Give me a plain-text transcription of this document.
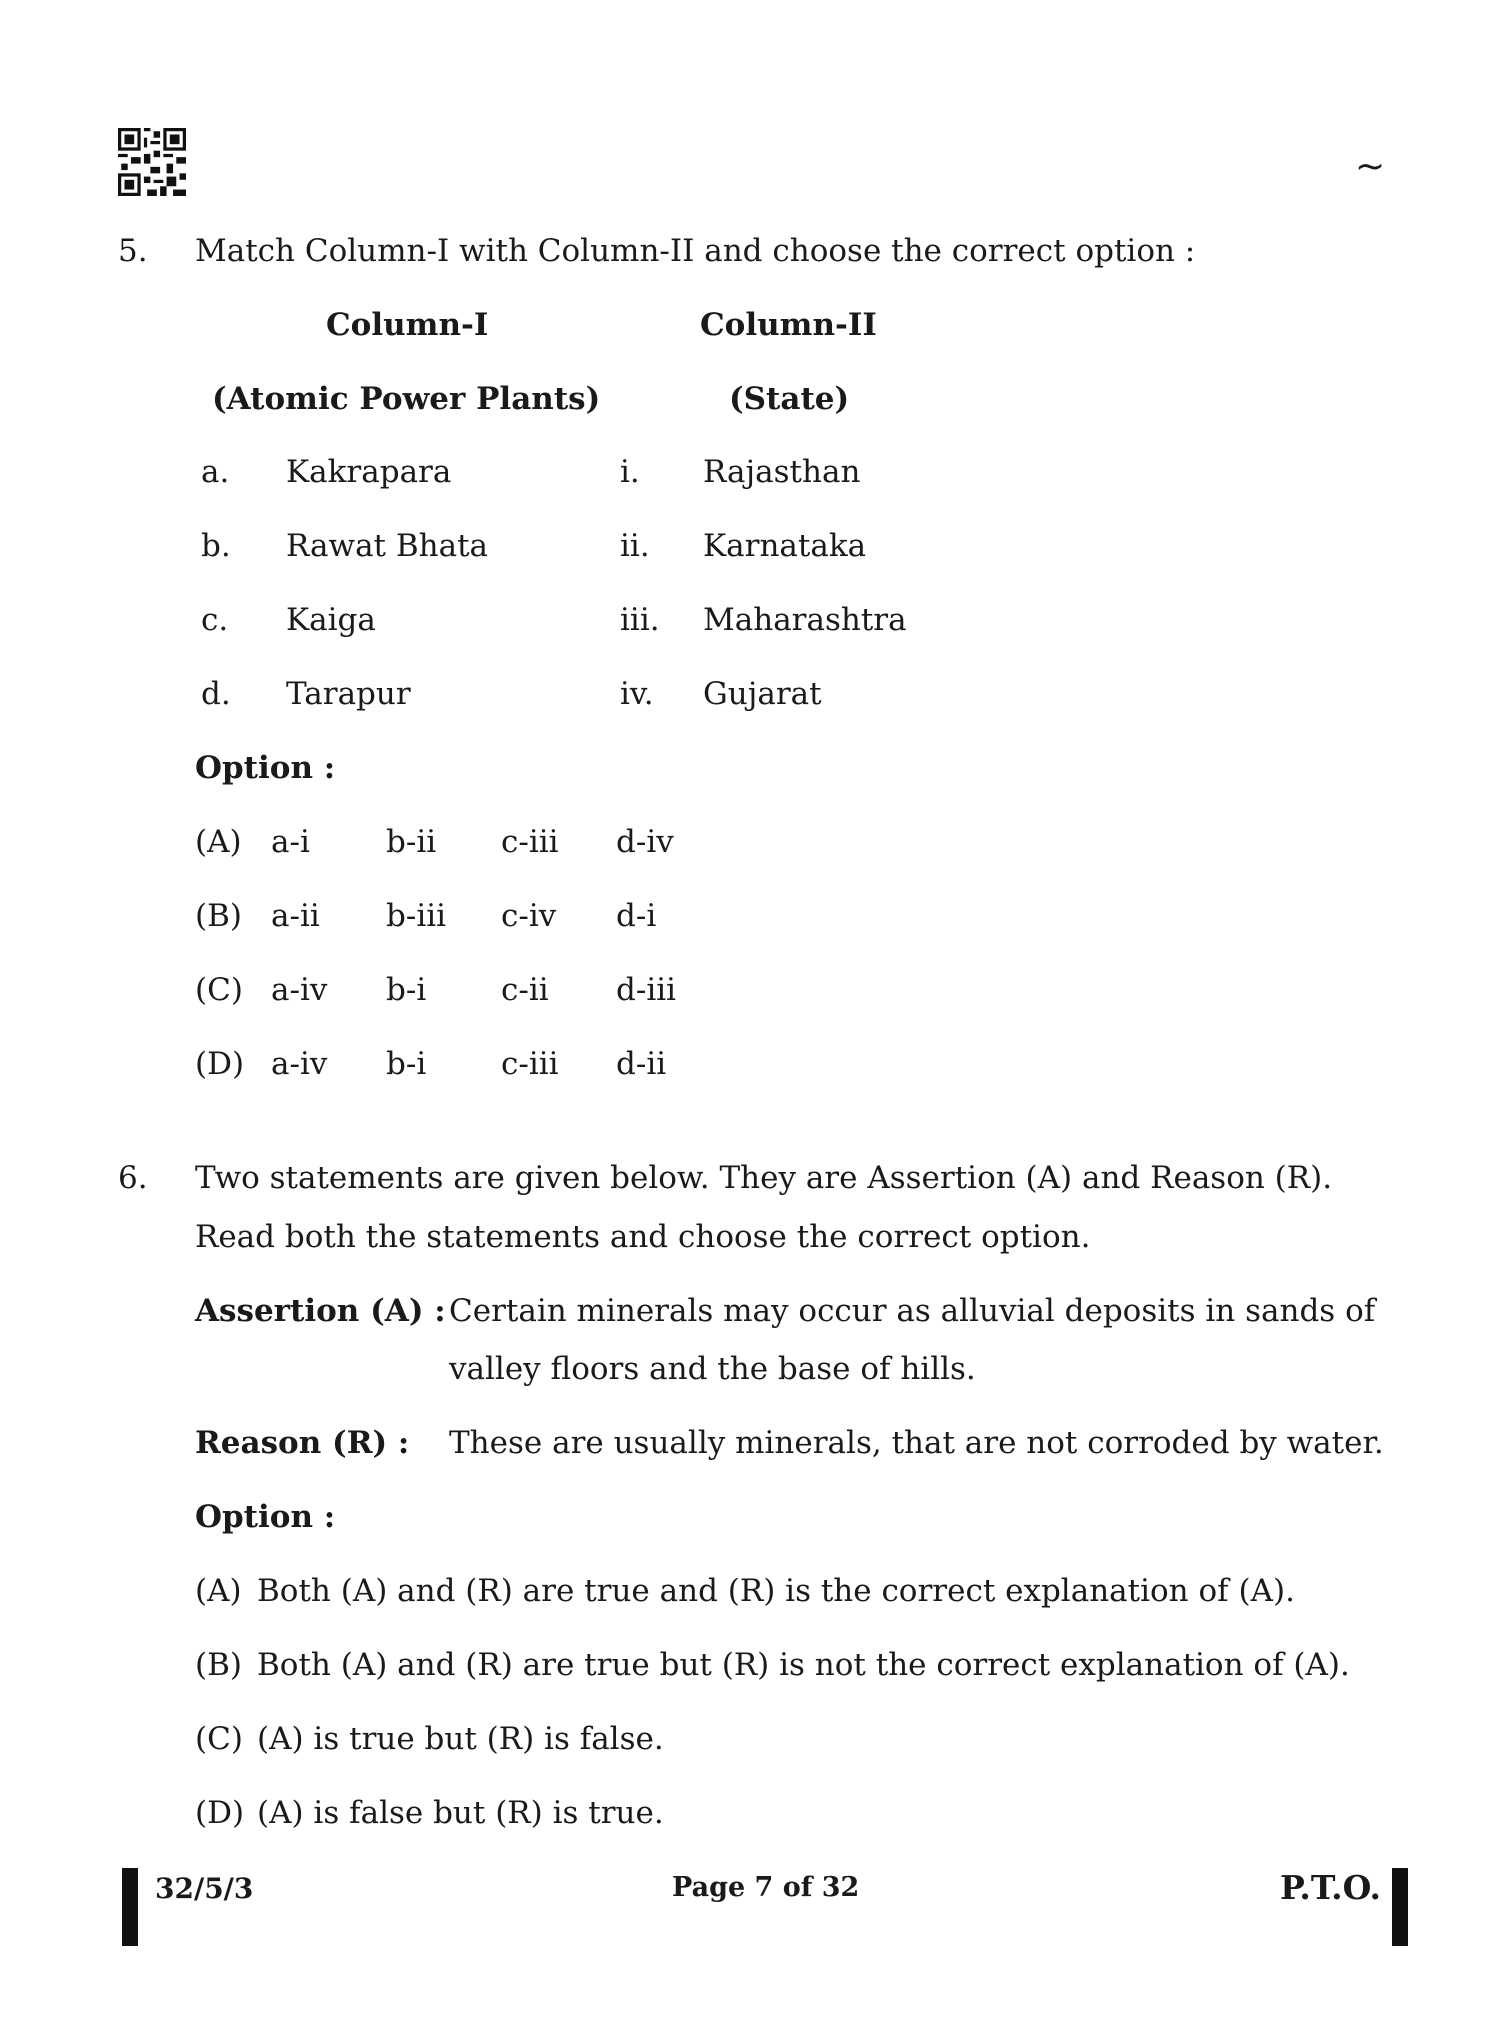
~
5. Match Column-I with Column-II and choose the correct option :
Column-I	Column-II
(Atomic Power Plants)	(State)
a. Kakrapara	i. Rajasthan
b. Rawat Bhata	ii. Karnataka
c. Kaiga	iii. Maharashtra
d. Tarapur	iv. Gujarat
Option :
(A) a-i b-ii c-iii d-iv
(B) a-ii b-iii c-iv d-i
(C) a-iv b-i c-ii d-iii
(D) a-iv b-i c-iii d-ii
6. Two statements are given below. They are Assertion (A) and Reason (R).
Read both the statements and choose the correct option.
Assertion (A) : Certain minerals may occur as alluvial deposits in sands of
valley floors and the base of hills.
Reason (R) : These are usually minerals, that are not corroded by water.
Option :
(A) Both (A) and (R) are true and (R) is the correct explanation of (A).
(B) Both (A) and (R) are true but (R) is not the correct explanation of (A).
(C) (A) is true but (R) is false.
(D) (A) is false but (R) is true.
32/5/3	Page 7 of 32	P.T.O.
